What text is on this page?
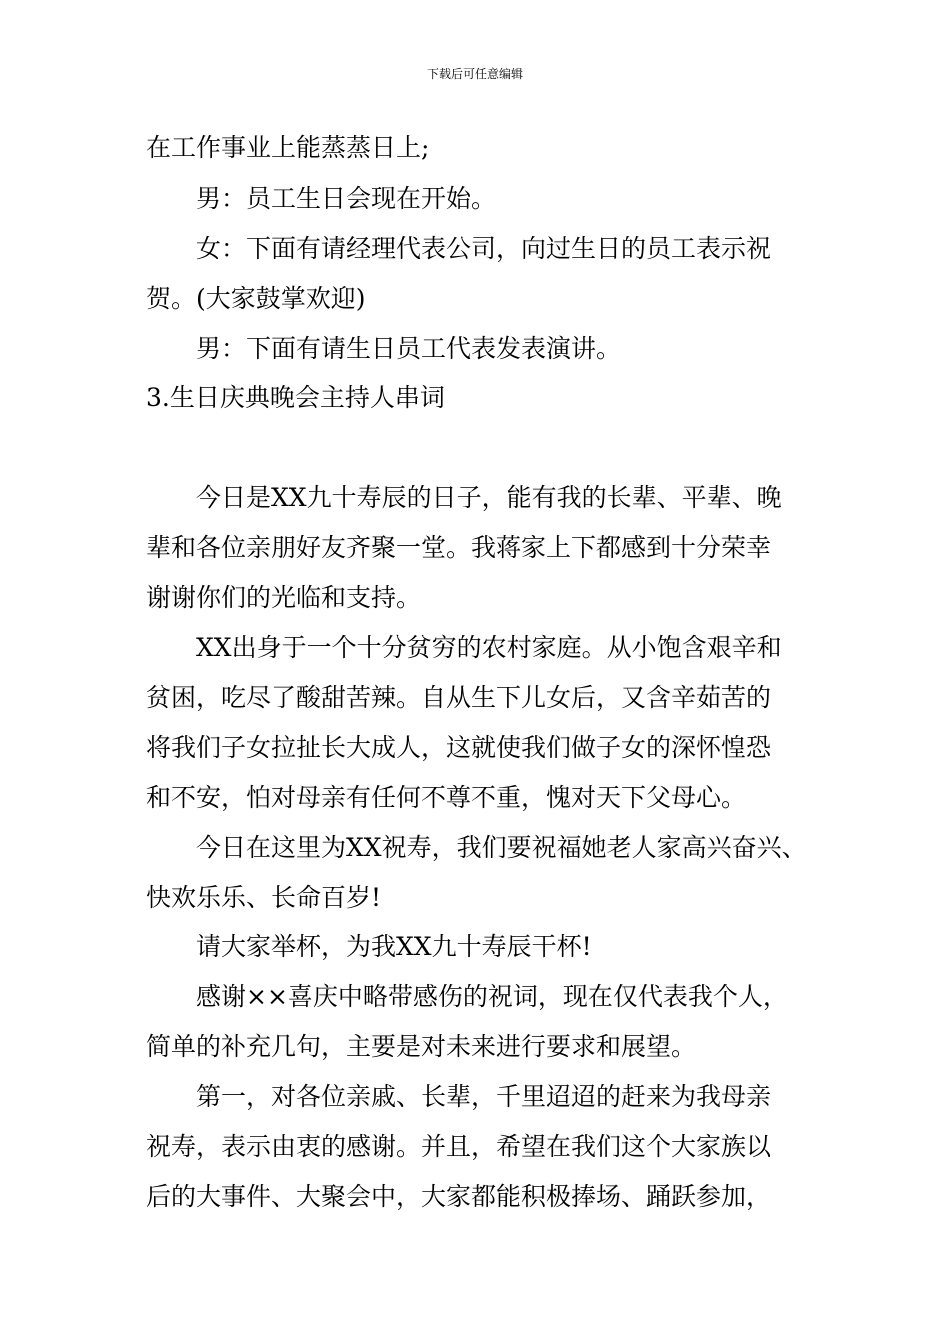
下载后可任意编辑
在工作事业上能蒸蒸日上;
男：员工生日会现在开始。
女：下面有请经理代表公司，向过生日的员工表示祝
贺。(大家鼓掌欢迎)
男：下面有请生日员工代表发表演讲。
3.生日庆典晚会主持人串词
今日是XX九十寿辰的日子，能有我的长辈、平辈、晚
辈和各位亲朋好友齐聚一堂。我蒋家上下都感到十分荣幸
谢谢你们的光临和支持。
XX出身于一个十分贫穷的农村家庭。从小饱含艰辛和
贫困，吃尽了酸甜苦辣。自从生下儿女后，又含辛茹苦的
将我们子女拉扯长大成人，这就使我们做子女的深怀惶恐
和不安，怕对母亲有任何不尊不重，愧对天下父母心。
今日在这里为XX祝寿，我们要祝福她老人家高兴奋兴、
快欢乐乐、长命百岁!
请大家举杯，为我XX九十寿辰干杯!
感谢××喜庆中略带感伤的祝词，现在仅代表我个人，
简单的补充几句，主要是对未来进行要求和展望。
第一，对各位亲戚、长辈，千里迢迢的赶来为我母亲
祝寿，表示由衷的感谢。并且，希望在我们这个大家族以
后的大事件、大聚会中，大家都能积极捧场、踊跃参加，
